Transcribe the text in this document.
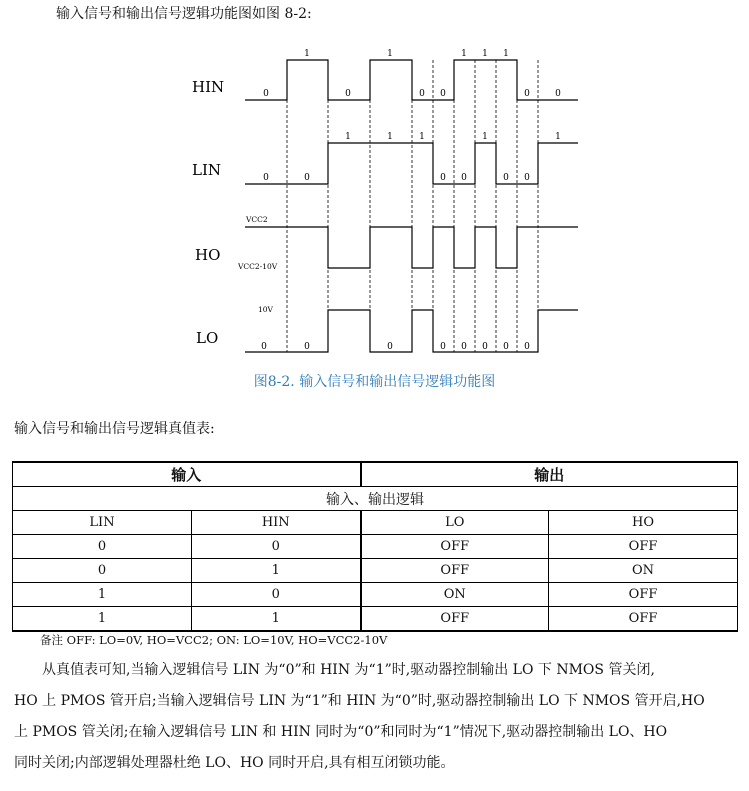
输入信号和输出信号逻辑功能图如图 8-2:
HIN
LIN
HO
LO
0
1
0
1
0 0
1 1 1
0	0
0	0
1	1	1
0 0
1
0 0
1
VCC2
VCC2-10V
10V
0	0	0	0 0 0 0 0
图8-2. 输入信号和输出信号逻辑功能图
输入信号和输出信号逻辑真值表:
输入		输出	
输入、输出逻辑			
LIN	HIN	LO	HO
0	0	OFF	OFF
0	1	OFF	ON
1	0	ON	OFF
1	1	OFF	OFF
备注 OFF: LO=0V, HO=VCC2; ON: LO=10V, HO=VCC2-10V

从真值表可知,当输入逻辑信号 LIN 为“0”和 HIN 为“1”时,驱动器控制输出 LO 下 NMOS 管关闭,

HO 上 PMOS 管开启;当输入逻辑信号 LIN 为“1”和 HIN 为“0”时,驱动器控制输出 LO 下 NMOS 管开启,HO

上 PMOS 管关闭;在输入逻辑信号 LIN 和 HIN 同时为“0”和同时为“1”情况下,驱动器控制输出 LO、HO

同时关闭;内部逻辑处理器杜绝 LO、HO 同时开启,具有相互闭锁功能。
